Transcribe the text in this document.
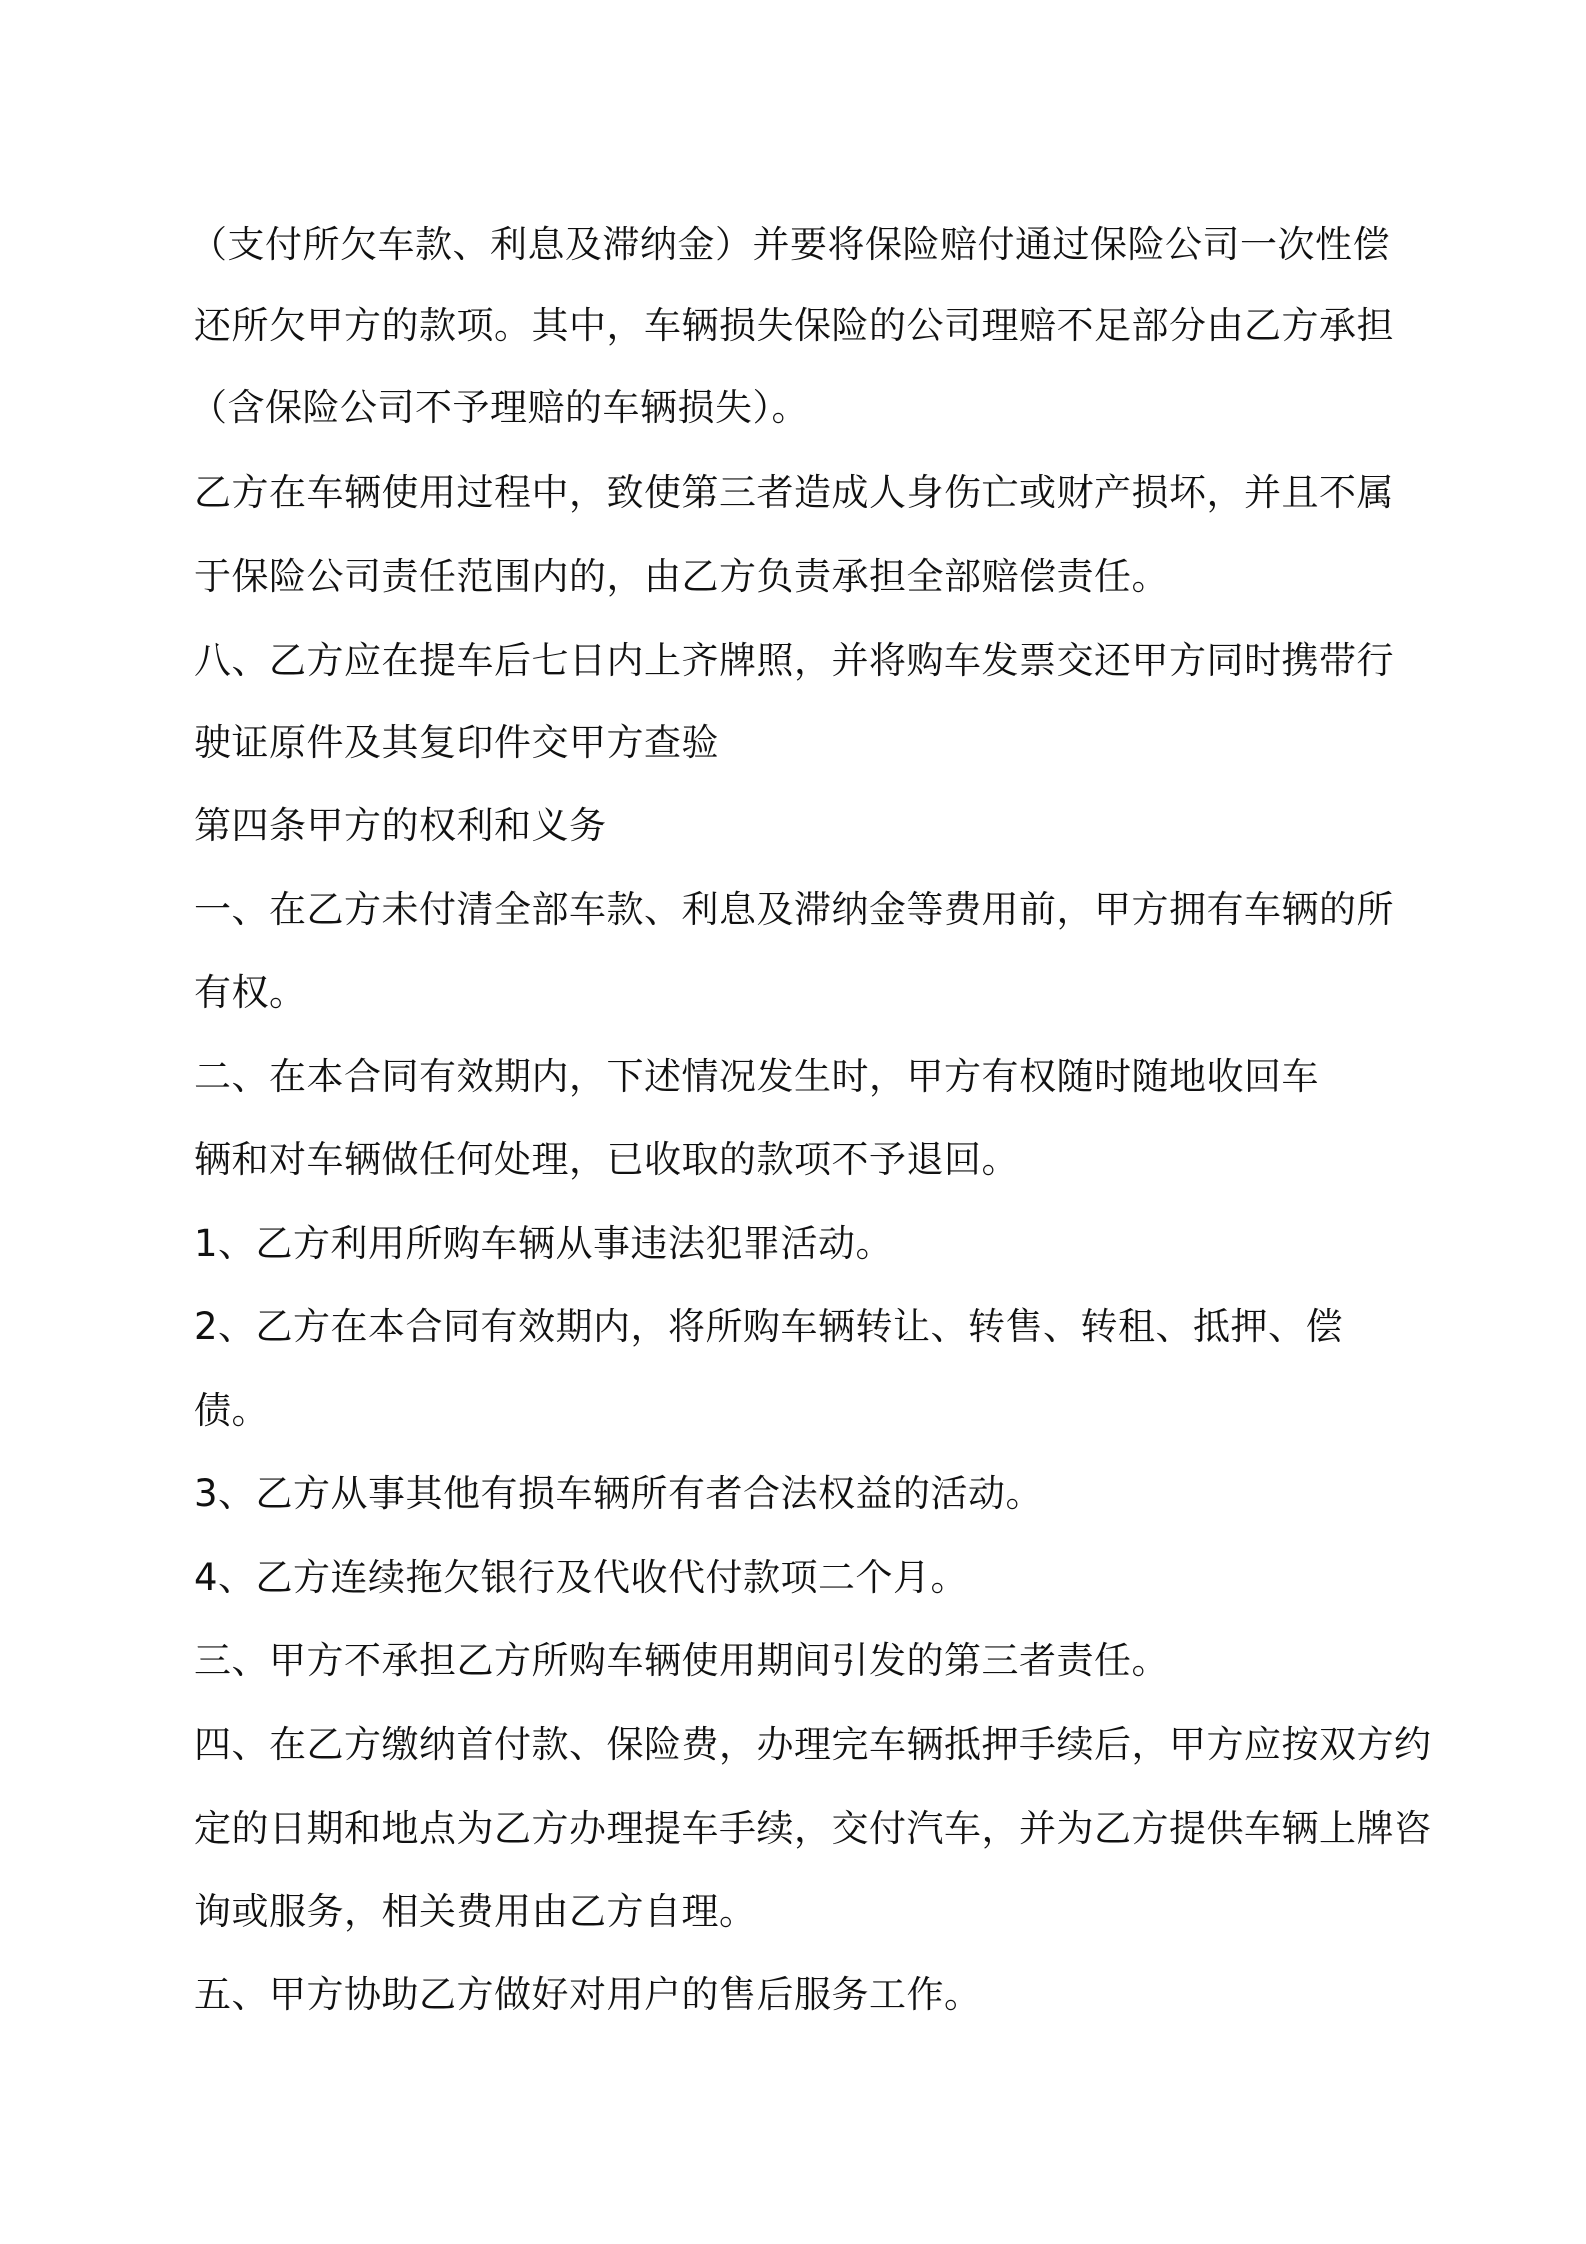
（支付所欠车款、利息及滞纳金）并要将保险赔付通过保险公司一次性偿
还所欠甲方的款项。其中，车辆损失保险的公司理赔不足部分由乙方承担
（含保险公司不予理赔的车辆损失）。
乙方在车辆使用过程中，致使第三者造成人身伤亡或财产损坏，并且不属
于保险公司责任范围内的，由乙方负责承担全部赔偿责任。
八、乙方应在提车后七日内上齐牌照，并将购车发票交还甲方同时携带行
驶证原件及其复印件交甲方查验
第四条甲方的权利和义务
一、在乙方未付清全部车款、利息及滞纳金等费用前，甲方拥有车辆的所
有权。
二、在本合同有效期内，下述情况发生时，甲方有权随时随地收回车
辆和对车辆做任何处理，已收取的款项不予退回。
1、乙方利用所购车辆从事违法犯罪活动。
2、乙方在本合同有效期内，将所购车辆转让、转售、转租、抵押、偿
债。
3、乙方从事其他有损车辆所有者合法权益的活动。
4、乙方连续拖欠银行及代收代付款项二个月。
三、甲方不承担乙方所购车辆使用期间引发的第三者责任。
四、在乙方缴纳首付款、保险费，办理完车辆抵押手续后，甲方应按双方约
定的日期和地点为乙方办理提车手续，交付汽车，并为乙方提供车辆上牌咨
询或服务，相关费用由乙方自理。
五、甲方协助乙方做好对用户的售后服务工作。
